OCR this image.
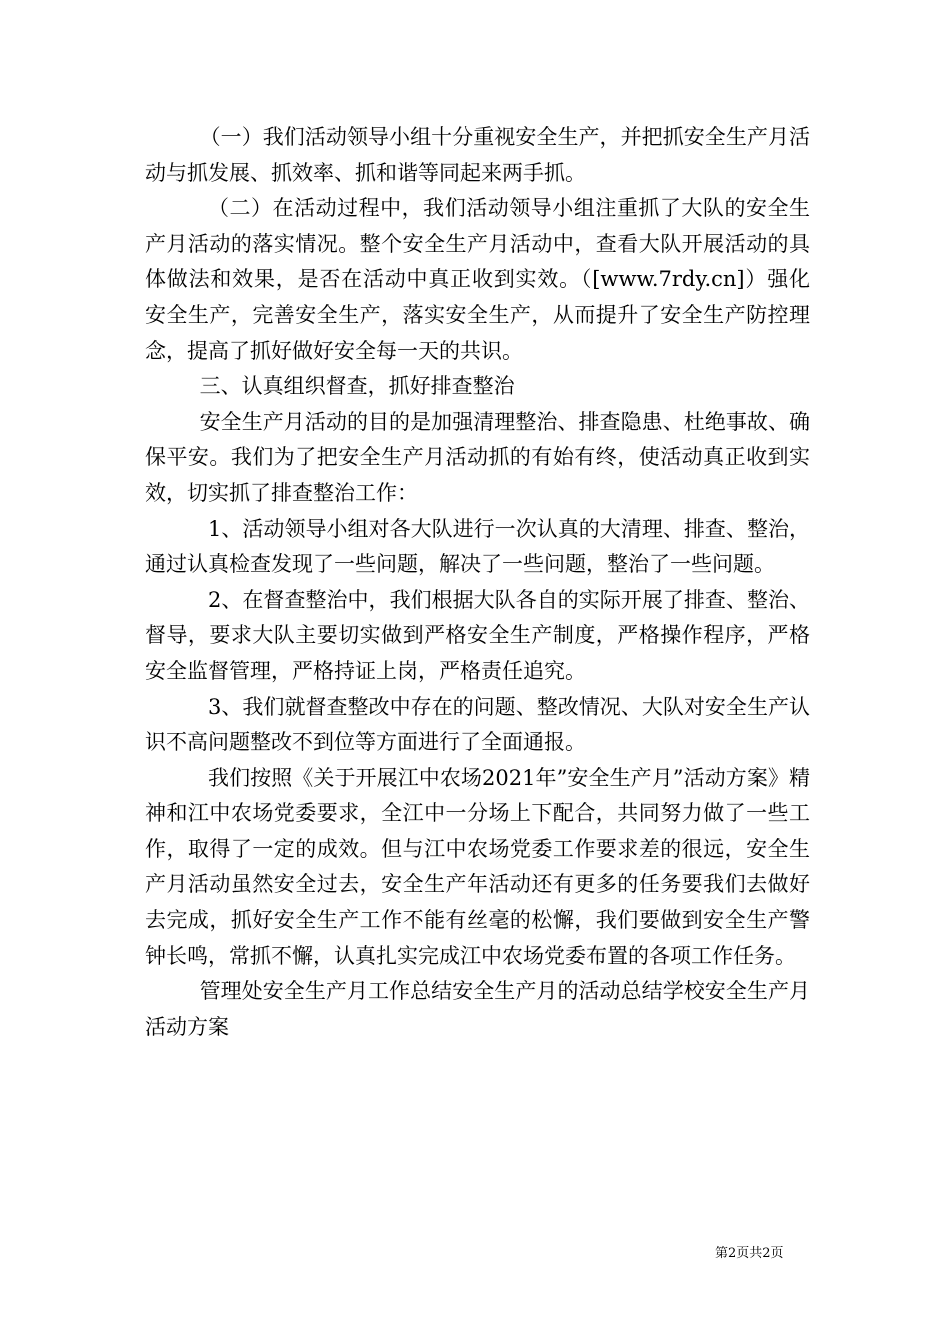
（一）我们活动领导小组十分重视安全生产，并把抓安全生产月活动与抓发展、抓效率、抓和谐等同起来两手抓。

（二）在活动过程中，我们活动领导小组注重抓了大队的安全生产月活动的落实情况。整个安全生产月活动中，查看大队开展活动的具体做法和效果，是否在活动中真正收到实效。（[www.7rdy.cn]）强化安全生产，完善安全生产，落实安全生产，从而提升了安全生产防控理念，提高了抓好做好安全每一天的共识。

三、认真组织督查，抓好排查整治

安全生产月活动的目的是加强清理整治、排查隐患、杜绝事故、确保平安。我们为了把安全生产月活动抓的有始有终，使活动真正收到实效，切实抓了排查整治工作：

1、活动领导小组对各大队进行一次认真的大清理、排查、整治，通过认真检查发现了一些问题，解决了一些问题，整治了一些问题。

2、在督查整治中，我们根据大队各自的实际开展了排查、整治、督导，要求大队主要切实做到严格安全生产制度，严格操作程序，严格安全监督管理，严格持证上岗，严格责任追究。

3、我们就督查整改中存在的问题、整改情况、大队对安全生产认识不高问题整改不到位等方面进行了全面通报。

我们按照《关于开展江中农场2021年”安全生产月”活动方案》精神和江中农场党委要求，全江中一分场上下配合，共同努力做了一些工作，取得了一定的成效。但与江中农场党委工作要求差的很远，安全生产月活动虽然安全过去，安全生产年活动还有更多的任务要我们去做好去完成，抓好安全生产工作不能有丝毫的松懈，我们要做到安全生产警钟长鸣，常抓不懈，认真扎实完成江中农场党委布置的各项工作任务。

管理处安全生产月工作总结安全生产月的活动总结学校安全生产月活动方案

第2页共2页
